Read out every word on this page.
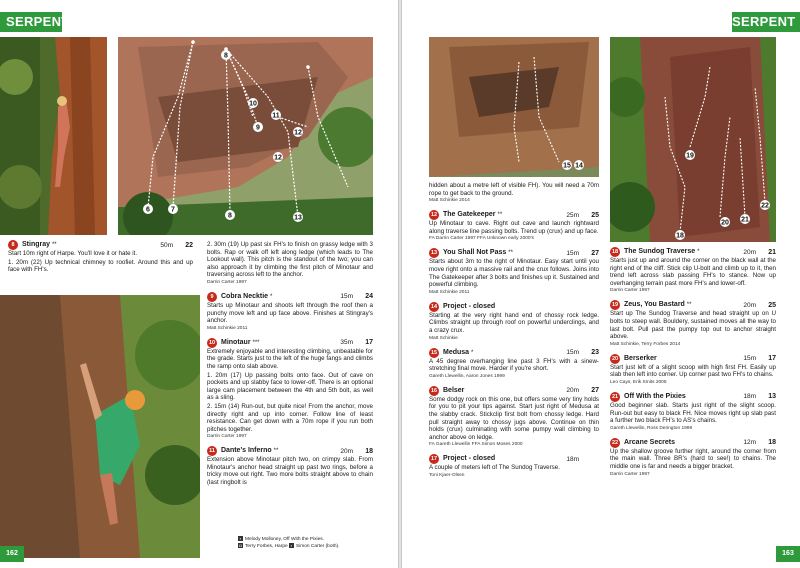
SERPENT
6	7
8
8
9
10
11
12
13
12
8	Stingray **	50m	22
Start 10m right of Harpe. You'll love it or hate it.
1. 20m (22) Up technical chimney to roofiet. Around this and up face with FH's.
2. 30m (19) Up past six FH's to finish on grassy ledge with 3 bolts. Rap or walk off left along ledge (which leads to The Lookout wall). This pitch is the standout of the two; you can also approach it by climbing the first pitch of Minotaur and traversing across left to the anchor.
Darrin Carter 1997
9	Cobra Necktie *	15m	24
Starts up Minotaur and shoots left through the roof then a punchy move left and up face above. Finishes at Stingray's anchor.
Matt Schinkie 2011
10 Minotaur ***	35m	17
Extremely enjoyable and interesting climbing, unbeatable for the grade. Starts just to the left of the huge fangs and climbs the ramp onto slab above.
1. 20m (17) Up passing bolts onto face. Out of cave on pockets and up slabby face to lower-off. There is an optional large cam placement between the 4th and 5th bolt, as well as a sling.
2. 15m (14) Run-out, but quite nice! From the anchor, move directly right and up into corner. Follow line of least resistance. Can get down with a 70m rope if you run both pitches together.
Darrin Carter 1997
11 Dante's Inferno **	20m	18
Extension above Minotaur pitch two, on crimpy slab. From Minotaur's anchor head straight up past two rings, before a tricky move out right. Two more bolts straight above to chain (last ringbolt is
▪ Melody Molloney, Off With the Pixies.
◘ Terry Forbes, Harpe ▪ Simon Carter (both).
162
SERPENT
15 14
18
19
20 21
22
hidden about a metre left of visible FH). You will need a 70m rope to get back to the ground.
Matt Schinkie 2014
12 The Gatekeeper **	25m	25
Up Minotaur to cave. Right out cave and launch rightward along traverse line passing bolts. Trend up (crux) and up face.
FA Darrin Carter 1997 FFA Unknown early 2000's
13 You Shall Not Pass **	15m	27
Starts about 3m to the right of Minotaur. Easy start until you move right onto a massive rail and the crux follows. Joins into The Gatekeeper after 3 bolts and finishes up it. Sustained and powerful climbing.
Matt Schinkie 2011
14 Project - closed
Starting at the very right hand end of chossy rock ledge. Climbs straight up through roof on powerful underclings, and a crazy crux.
Matt Schinkie
15 Medusa *	15m	23
A 45 degree overhanging line past 3 FH's with a sinew-stretching final move. Harder if you're short.
Gareth Llewellin, Aaron Jones 1999
16 Belser	20m	27
Some dodgy rock on this one, but offers some very tiny holds for you to pit your tips against. Start just right of Medusa at the slabby crack. Stickclip first bolt from chossy ledge. Hard pull straight away to chossy jugs above. Continue on thin holds (crux) culminating with some pumpy wall climbing to anchor above on ledge.
FA Gareth Llewellin FFA Simon Moses 2000
17 Project - closed	18m
A couple of meters left of The Sundog Traverse.
Toni Kjaer-Olsen
18 The Sundog Traverse *	20m	21
Starts just up and around the corner on the black wall at the right end of the cliff. Stick clip U-bolt and climb up to it, then trend left across slab passing FH's to stance. Now up overhanging terrain past more FH's and lower-off.
Darrin Carter 1997
19 Zeus, You Bastard **	20m	25
Start up The Sundog Traverse and head straight up on U bolts to steep wall. Bouldery, sustained moves all the way to last bolt. Pull past the pumpy top out to anchor straight above.
Matt Schinkie, Terry Forbes 2014
20 Berserker	15m	17
Start just left of a slight scoop with high first FH. Easily up slab then left into corner. Up corner past two FH's to chains.
Leo Cays, Erik Smits 2005
21 Off With the Pixies	18m	13
Good beginner slab. Starts just right of the slight scoop. Run-out but easy to black FH. Nice moves right up slab past a further two black FH's to AS's chains.
Gareth Llewellin, Ross Derington 1998
22 Arcane Secrets	12m	18
Up the shallow groove further right, around the corner from the main wall. Three BR's (hard to see!) to chains. The middle one is far and needs a bigger bracket.
Darrin Carter 1997
163
